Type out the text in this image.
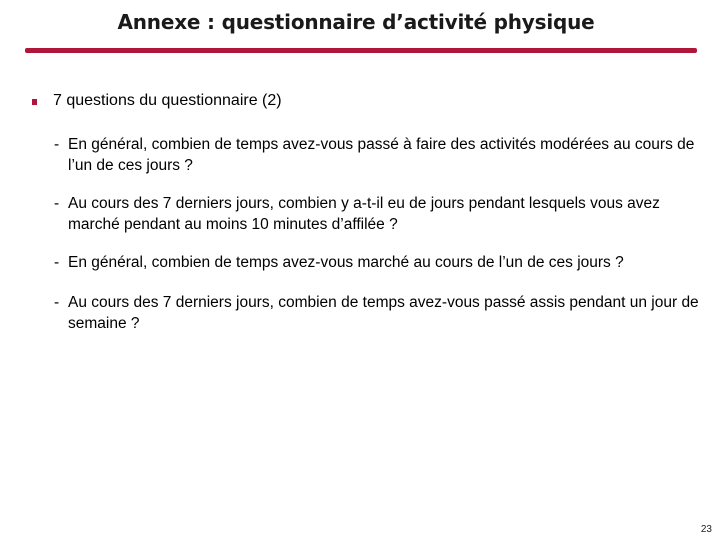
Annexe : questionnaire d’activité physique
7 questions du questionnaire (2)
- En général, combien de temps avez-vous passé à faire des activités modérées au cours de l’un de ces jours ?
- Au cours des 7 derniers jours, combien y a-t-il eu de jours pendant lesquels vous avez marché pendant au moins 10 minutes d’affilée ?
- En général, combien de temps avez-vous marché au cours de l’un de ces jours ?
- Au cours des 7 derniers jours, combien de temps avez-vous passé assis pendant un jour de semaine ?
23
